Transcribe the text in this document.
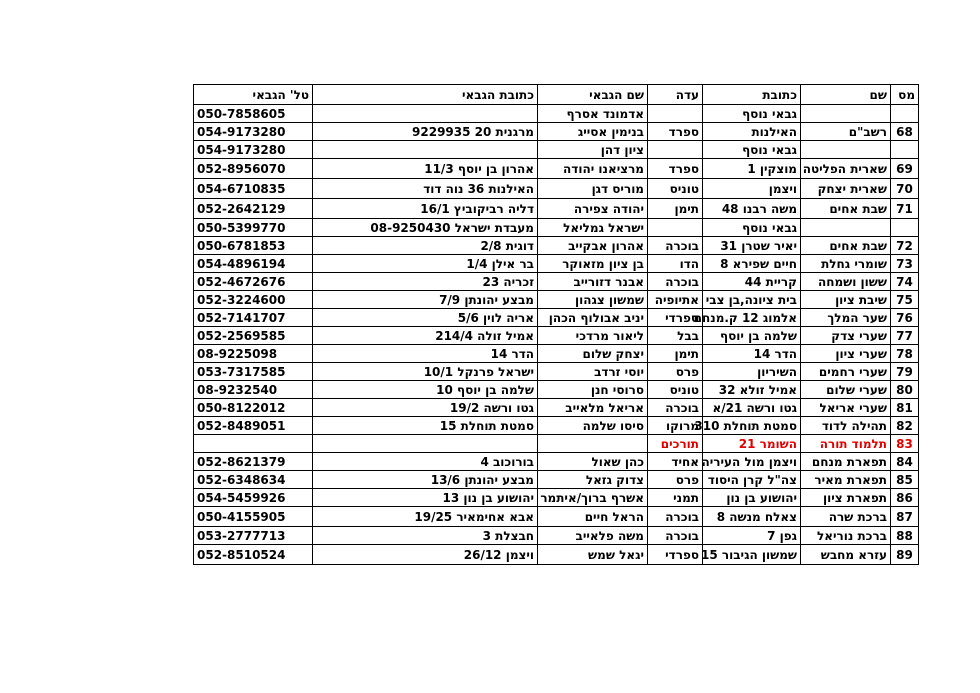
מס	שם	כתובת	עדה	שם הגבאי	כתובת הגבאי	טל' הגבאי
		גבאי נוסף		אדמונד אסרף		050-7858605
68	רשב"ם	האילנות	ספרד	בנימין אסייג	מרגנית 20 9229935	054-9173280
		גבאי נוסף		ציון דהן		054-9173280
69	שארית הפליטה	מוצקין 1	ספרד	מרציאנו יהודה	אהרון בן יוסף 11/3	052-8956070
70	שארית יצחק	ויצמן	טוניס	מוריס דגן	האילנות 36 נוה דוד	054-6710835
71	שבת אחים	משה רבנו 48	תימן	יהודה צפירה	דליה רביקוביץ 16/1	052-2642129
		גבאי נוסף		ישראל גמליאל	מעבדת ישראל 08-9250430	050-5399770
72	שבת אחים	יאיר שטרן 31	בוכרה	אהרון אבקייב	דוגית 2/8	050-6781853
73	שומרי גחלת	חיים שפירא 8	הדו	בן ציון מזאוקר	בר אילן 1/4	054-4896194
74	ששון ושמחה	קריית 44	בוכרה	אבנר דזורייב	זכריה 23	052-4672676
75	שיבת ציון	בית ציונה,בן צבי	אתיופיה	שמשון צגהון	מבצע יהונתן 7/9	052-3224600
76	שער המלך	אלמוג 12 ק.מנחם	ספרדי	יניב אבולוף הכהן	אריה לוין 5/6	052-7141707
77	שערי צדק	שלמה בן יוסף	בבל	ליאור מרדכי	אמיל זולה 214/4	052-2569585
78	שערי ציון	הדר 14	תימן	יצחק שלום	הדר 14	08-9225098
79	שערי רחמים	השיריון	פרס	יוסי זרדב	ישראל פרנקל 10/1	053-7317585
80	שערי שלום	אמיל זולא 32	טוניס	סרוסי חנן	שלמה בן יוסף 10	08-9232540
81	שערי אריאל	גטו ורשה 21/א	בוכרה	אריאל מלאייב	גטו ורשה 19/2	050-8122012
82	תהילה לדוד	סמטת תוחלת 310	מרוקו	סיסו שלמה	סמטת תוחלת 15	052-8489051
83	תלמוד תורה	השומר 21	תורכים			
84	תפארת מנחם	ויצמן מול העיריה	אחיד	כהן שאול	בורוכוב 4	052-8621379
85	תפארת מאיר	צה"ל קרן היסוד	פרס	צדוק גזאל	מבצע יהונתן 13/6	052-6348634
86	תפארת ציון	יהושוע בן נון	תמני	אשרף ברוך/איתמר	יהושוע בן נון 13	054-5459926
87	ברכת שרה	צאלח מנשה 8	בוכרה	הראל חיים	אבא אחימאיר 19/25	050-4155905
88	ברכת נוריאל	גפן 7	בוכרה	משה פלאייב	חבצלת 3	053-2777713
89	עזרא מחבש	שמשון הגיבור 15	ספרדי	יגאל שמש	ויצמן 26/12	052-8510524
